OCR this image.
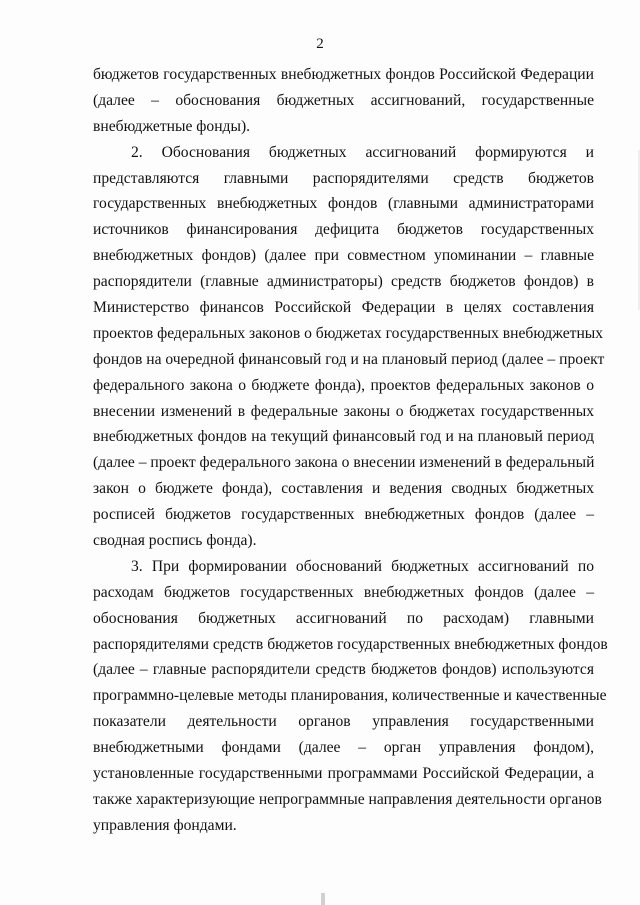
2
бюджетов государственных внебюджетных фондов Российской Федерации
(далее – обоснования бюджетных ассигнований, государственные
внебюджетные фонды).
2. Обоснования бюджетных ассигнований формируются и
представляются главными распорядителями средств бюджетов
государственных внебюджетных фондов (главными администраторами
источников финансирования дефицита бюджетов государственных
внебюджетных фондов) (далее при совместном упоминании – главные
распорядители (главные администраторы) средств бюджетов фондов) в
Министерство финансов Российской Федерации в целях составления
проектов федеральных законов о бюджетах государственных внебюджетных
фондов на очередной финансовый год и на плановый период (далее – проект
федерального закона о бюджете фонда), проектов федеральных законов о
внесении изменений в федеральные законы о бюджетах государственных
внебюджетных фондов на текущий финансовый год и на плановый период
(далее – проект федерального закона о внесении изменений в федеральный
закон о бюджете фонда), составления и ведения сводных бюджетных
росписей бюджетов государственных внебюджетных фондов (далее –
сводная роспись фонда).
3. При формировании обоснований бюджетных ассигнований по
расходам бюджетов государственных внебюджетных фондов (далее –
обоснования бюджетных ассигнований по расходам) главными
распорядителями средств бюджетов государственных внебюджетных фондов
(далее – главные распорядители средств бюджетов фондов) используются
программно-целевые методы планирования, количественные и качественные
показатели деятельности органов управления государственными
внебюджетными фондами (далее – орган управления фондом),
установленные государственными программами Российской Федерации, а
также характеризующие непрограммные направления деятельности органов
управления фондами.
